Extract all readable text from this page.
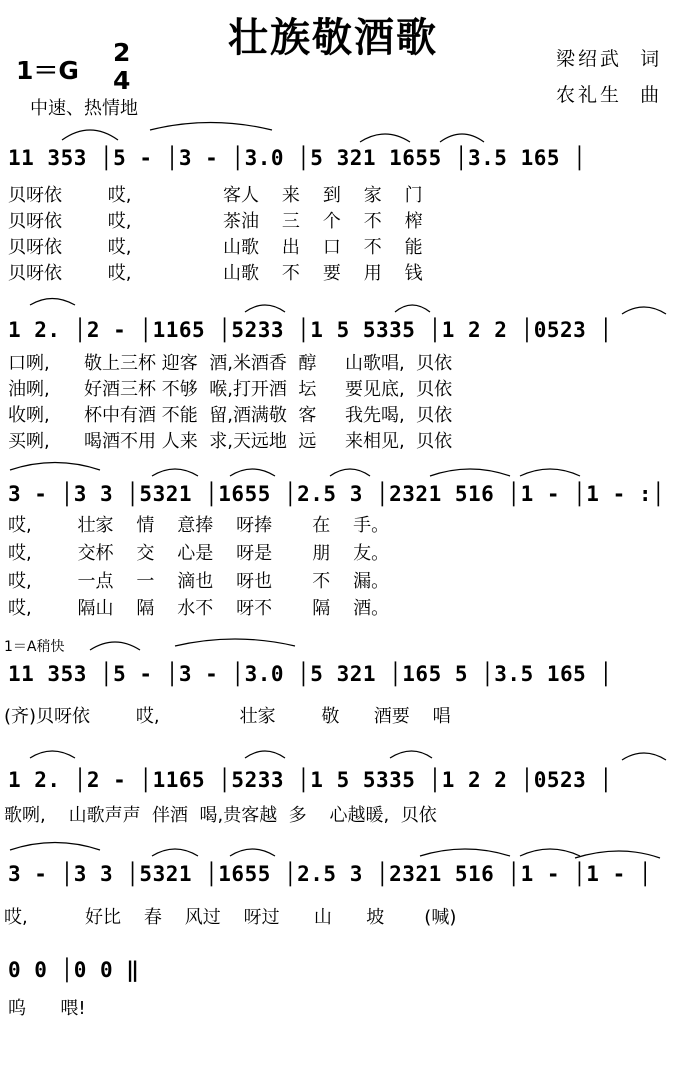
壮族敬酒歌
1＝G
2
4
中速、热情地
梁绍武  词
农礼生  曲
11 353 │5 - │3 - │3.0 │5 321 1655 │3.5 165 │
贝呀依        哎,                客人    来    到    家    门
贝呀依        哎,                茶油    三    个    不    榨
贝呀依        哎,                山歌    出    口    不    能
贝呀依        哎,                山歌    不    要    用    钱
1 2. │2 - │1165 │5233 │1 5 5335 │1 2 2 │0523 │
口咧,      敬上三杯 迎客  酒,米酒香  醇     山歌唱,  贝依
油咧,      好酒三杯 不够  喉,打开酒  坛     要见底,  贝依
收咧,      杯中有酒 不能  留,酒满敬  客     我先喝,  贝依
买咧,      喝酒不用 人来  求,天远地  远     来相见,  贝依
3 - │3 3 │5321 │1655 │2.5 3 │2321 516 │1 - │1 - :│
哎,        壮家    情    意捧    呀捧       在    手。
哎,        交杯    交    心是    呀是       朋    友。
哎,        一点    一    滴也    呀也       不    漏。
哎,        隔山    隔    水不    呀不       隔    酒。
1＝A稍快
11 353 │5 - │3 - │3.0 │5 321 │165 5 │3.5 165 │
(齐)贝呀依        哎,              壮家        敬      酒要    唱
1 2. │2 - │1165 │5233 │1 5 5335 │1 2 2 │0523 │
歌咧,    山歌声声  伴酒  喝,贵客越  多    心越暖,  贝依
3 - │3 3 │5321 │1655 │2.5 3 │2321 516 │1 - │1 - │
哎,          好比    春    风过    呀过      山      坡       (喊)
0 0 │0 0 ‖
呜      喂!
